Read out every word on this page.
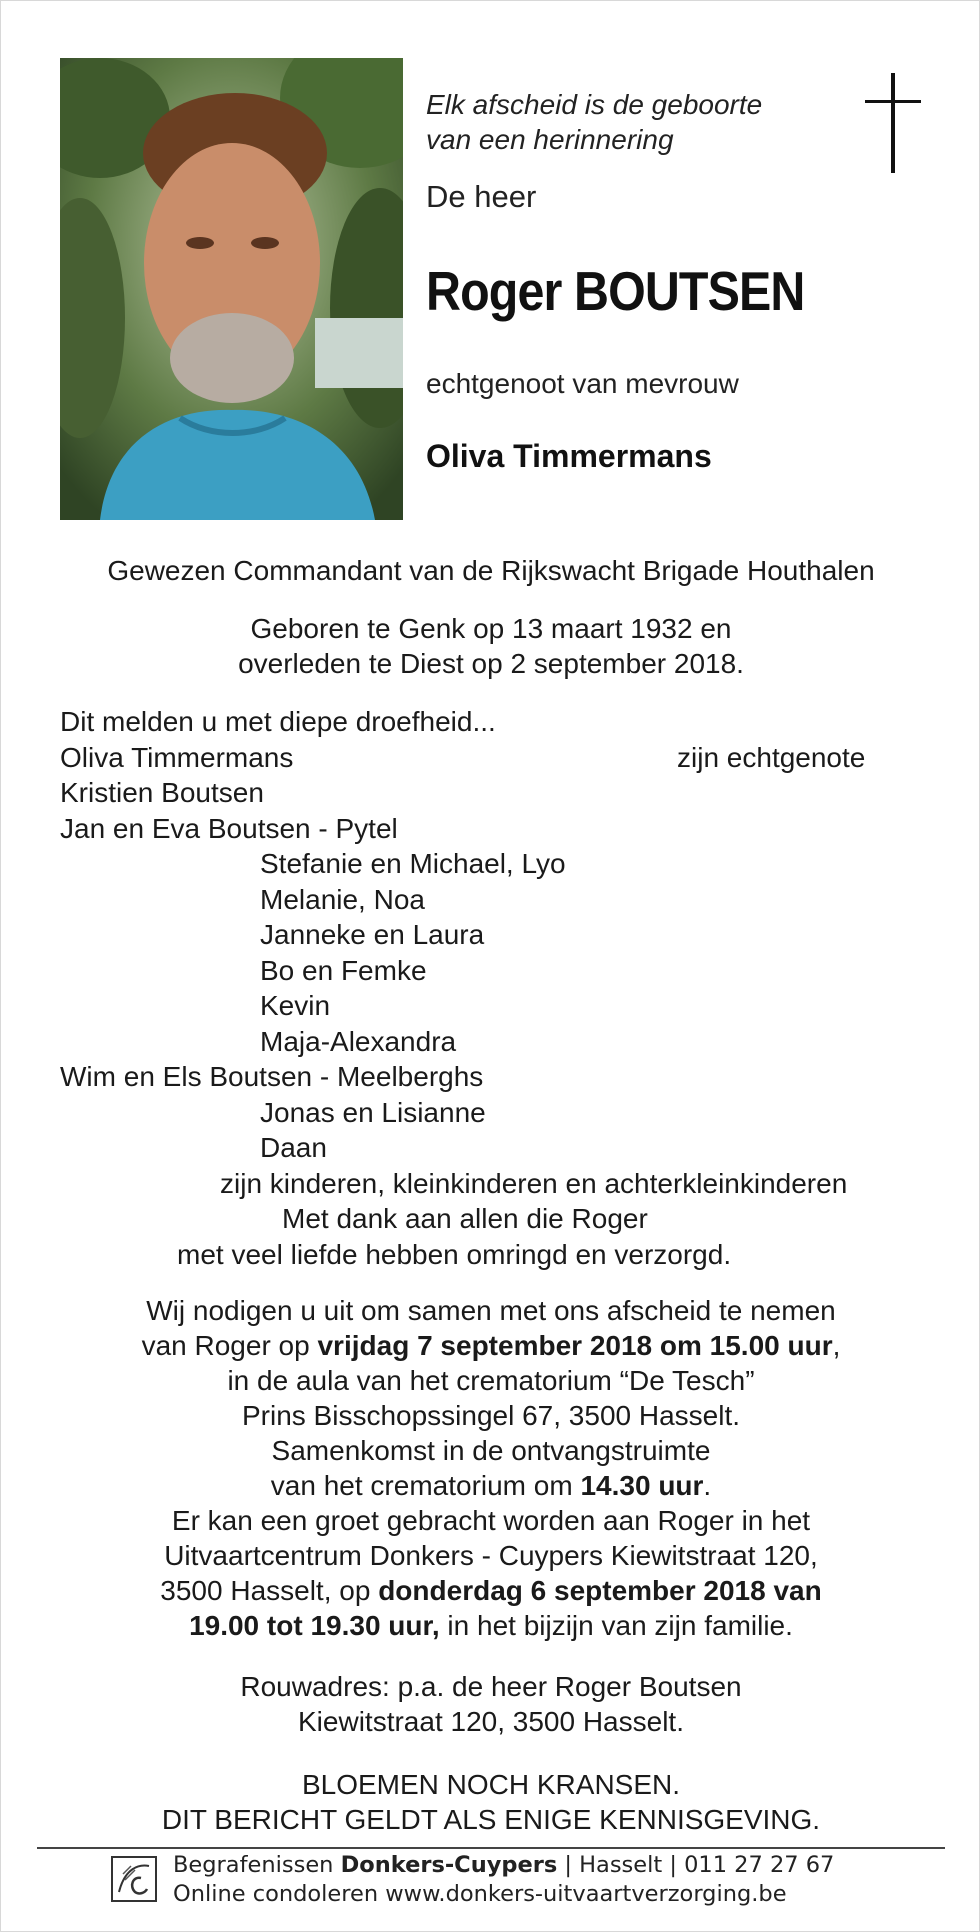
Elk afscheid is de geboorte
van een herinnering
De heer
Roger BOUTSEN
echtgenoot van mevrouw
Oliva Timmermans
Gewezen Commandant van de Rijkswacht Brigade Houthalen
Geboren te Genk op 13 maart 1932 en
overleden te Diest op 2 september 2018.
Dit melden u met diepe droefheid...
Oliva Timmermans	zijn echtgenote
Kristien Boutsen
Jan en Eva Boutsen - Pytel
Stefanie en Michael, Lyo
Melanie, Noa
Janneke en Laura
Bo en Femke
Kevin
Maja-Alexandra
Wim en Els Boutsen - Meelberghs
Jonas en Lisianne
Daan
zijn kinderen, kleinkinderen en achterkleinkinderen
Met dank aan allen die Roger
met veel liefde hebben omringd en verzorgd.
Wij nodigen u uit om samen met ons afscheid te nemen
van Roger op vrijdag 7 september 2018 om 15.00 uur,
in de aula van het crematorium “De Tesch”
Prins Bisschopssingel 67, 3500 Hasselt.
Samenkomst in de ontvangstruimte
van het crematorium om 14.30 uur.
Er kan een groet gebracht worden aan Roger in het
Uitvaartcentrum Donkers - Cuypers Kiewitstraat 120,
3500 Hasselt, op donderdag 6 september 2018 van
19.00 tot 19.30 uur, in het bijzijn van zijn familie.
Rouwadres: p.a. de heer Roger Boutsen
Kiewitstraat 120, 3500 Hasselt.
BLOEMEN NOCH KRANSEN.
DIT BERICHT GELDT ALS ENIGE KENNISGEVING.
Begrafenissen Donkers-Cuypers | Hasselt | 011 27 27 67
Online condoleren www.donkers-uitvaartverzorging.be
